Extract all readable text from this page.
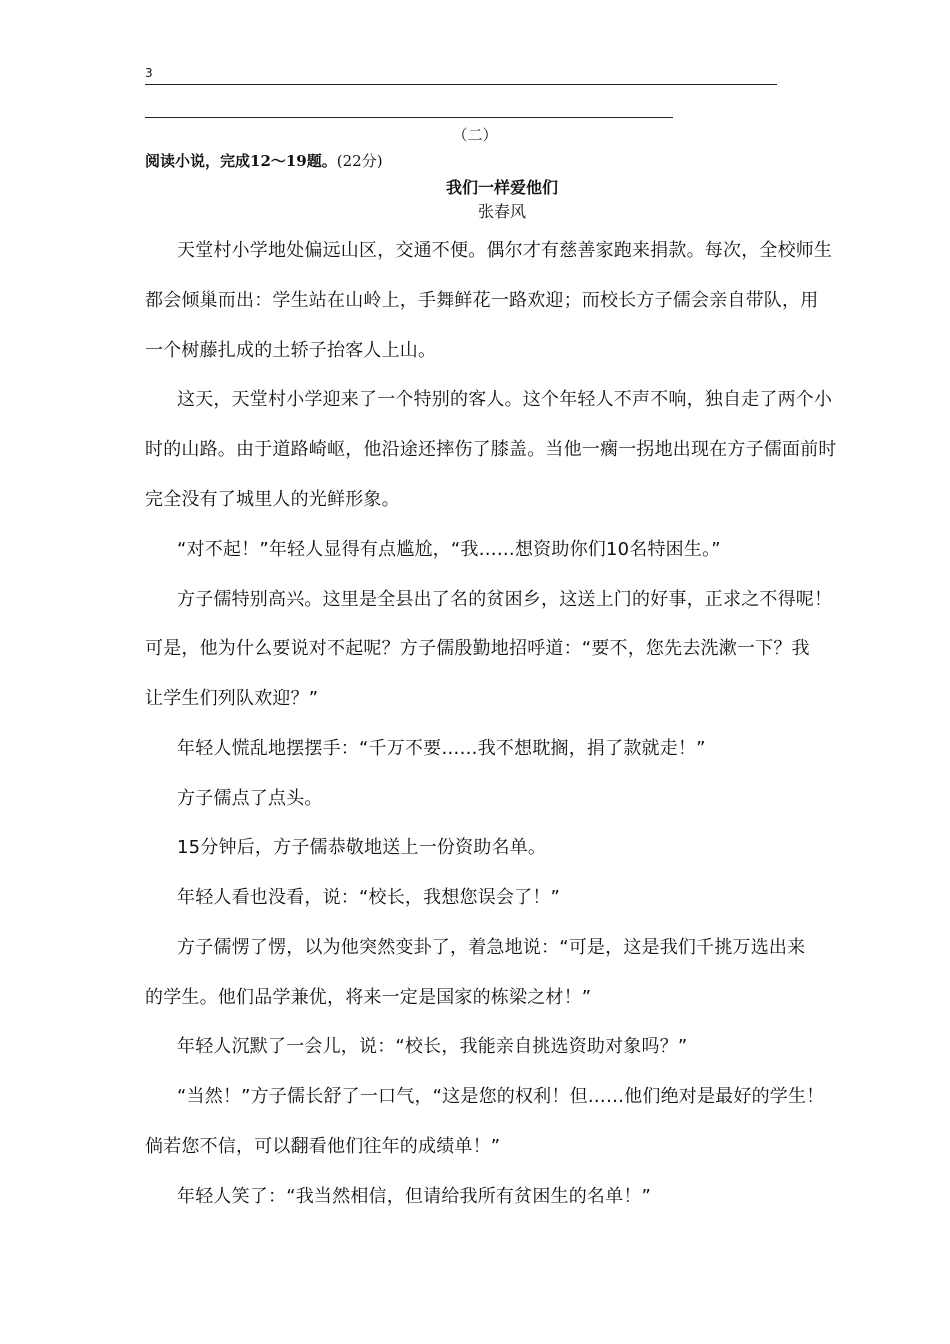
3
（二）
阅读小说，完成12～19题。(22分)
我们一样爱他们
张春风
天堂村小学地处偏远山区，交通不便。偶尔才有慈善家跑来捐款。每次，全校师生
都会倾巢而出：学生站在山岭上，手舞鲜花一路欢迎；而校长方子儒会亲自带队，用
一个树藤扎成的土轿子抬客人上山。
这天，天堂村小学迎来了一个特别的客人。这个年轻人不声不响，独自走了两个小
时的山路。由于道路崎岖，他沿途还摔伤了膝盖。当他一瘸一拐地出现在方子儒面前时
完全没有了城里人的光鲜形象。
“对不起！”年轻人显得有点尴尬，“我……想资助你们10名特困生。”
方子儒特别高兴。这里是全县出了名的贫困乡，这送上门的好事，正求之不得呢！
可是，他为什么要说对不起呢？方子儒殷勤地招呼道：“要不，您先去洗漱一下？我
让学生们列队欢迎？”
年轻人慌乱地摆摆手：“千万不要……我不想耽搁，捐了款就走！”
方子儒点了点头。
15分钟后，方子儒恭敬地送上一份资助名单。
年轻人看也没看，说：“校长，我想您误会了！”
方子儒愣了愣，以为他突然变卦了，着急地说：“可是，这是我们千挑万选出来
的学生。他们品学兼优，将来一定是国家的栋梁之材！”
年轻人沉默了一会儿，说：“校长，我能亲自挑选资助对象吗？”
“当然！”方子儒长舒了一口气，“这是您的权利！但……他们绝对是最好的学生！
倘若您不信，可以翻看他们往年的成绩单！”
年轻人笑了：“我当然相信，但请给我所有贫困生的名单！”
